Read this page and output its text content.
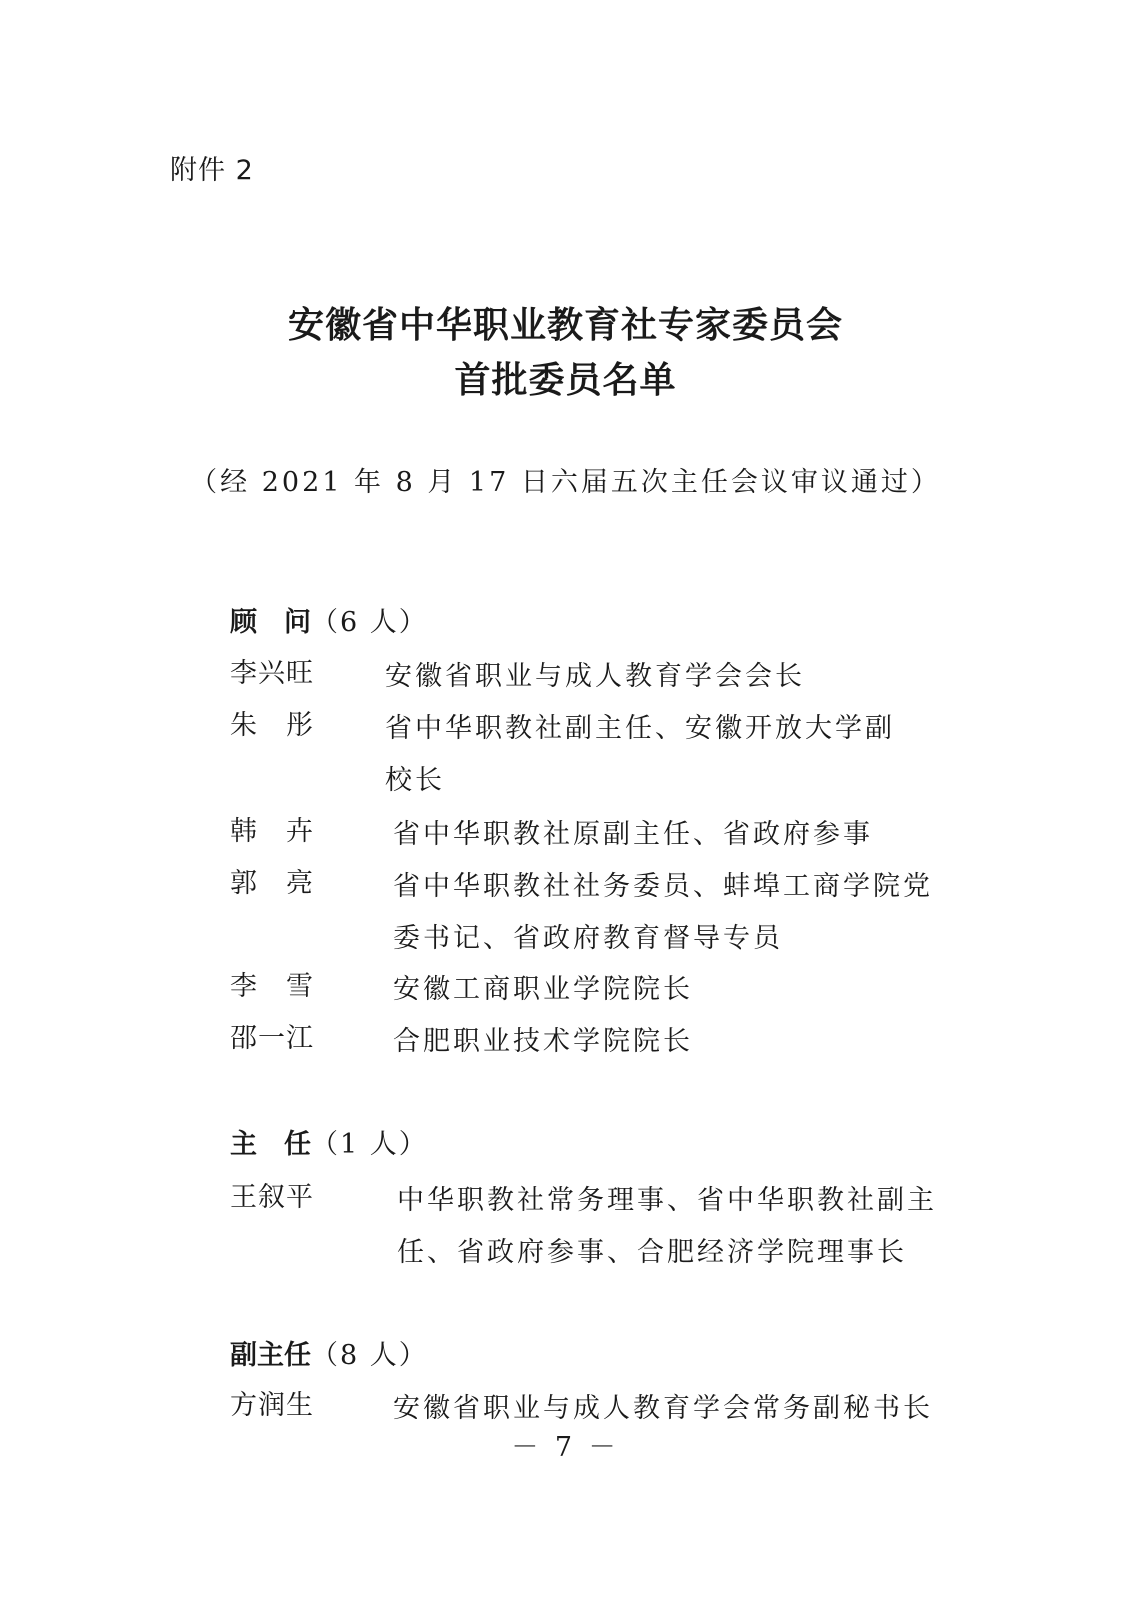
附件 2
安徽省中华职业教育社专家委员会
首批委员名单
（经 2021 年 8 月 17 日六届五次主任会议审议通过）
顾　问（6 人）
李兴旺	安徽省职业与成人教育学会会长
朱　彤	省中华职教社副主任、安徽开放大学副校长
韩　卉	省中华职教社原副主任、省政府参事
郭　亮	省中华职教社社务委员、蚌埠工商学院党委书记、省政府教育督导专员
李　雪	安徽工商职业学院院长
邵一江	合肥职业技术学院院长
主　任（1 人）
王叙平	中华职教社常务理事、省中华职教社副主任、省政府参事、合肥经济学院理事长
副主任（8 人）
方润生	安徽省职业与成人教育学会常务副秘书长
－ 7 －
